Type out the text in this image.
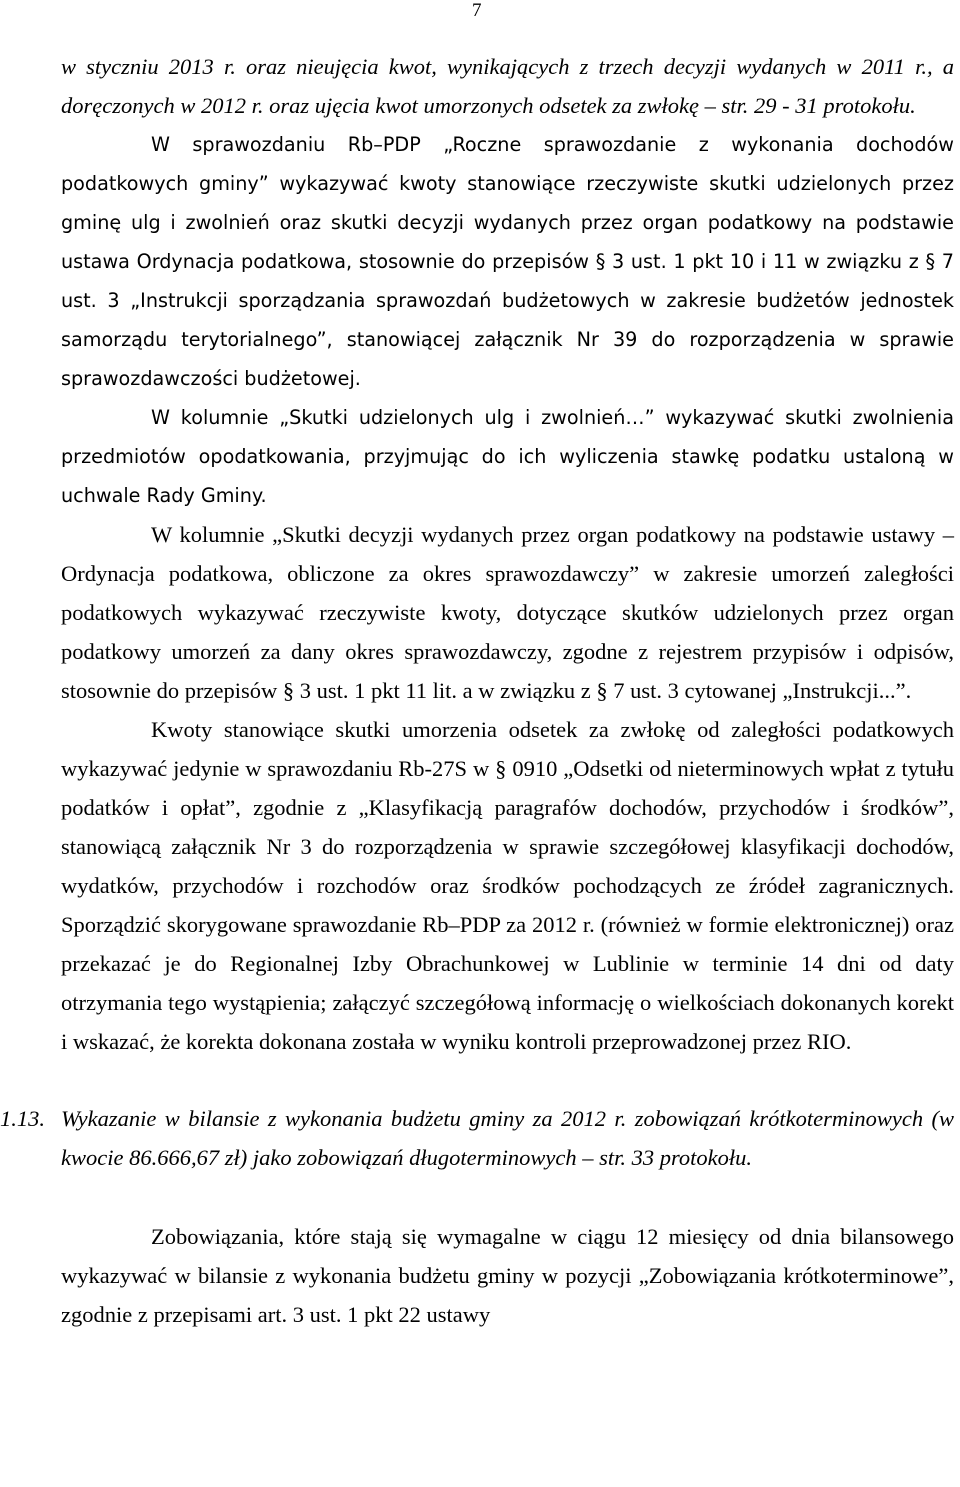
7

w styczniu 2013 r. oraz nieujęcia kwot, wynikających z trzech decyzji wydanych w 2011 r., a doręczonych w 2012 r. oraz ujęcia kwot umorzonych odsetek za zwłokę – str. 29 - 31 protokołu.

W sprawozdaniu Rb–PDP „Roczne sprawozdanie z wykonania dochodów podatkowych gminy” wykazywać kwoty stanowiące rzeczywiste skutki udzielonych przez gminę ulg i zwolnień oraz skutki decyzji wydanych przez organ podatkowy na podstawie ustawa Ordynacja podatkowa, stosownie do przepisów § 3 ust. 1 pkt 10 i 11 w związku z § 7 ust. 3 „Instrukcji sporządzania sprawozdań budżetowych w zakresie budżetów jednostek samorządu terytorialnego”, stanowiącej załącznik Nr 39 do rozporządzenia w sprawie sprawozdawczości budżetowej.

W kolumnie „Skutki udzielonych ulg i zwolnień…” wykazywać skutki zwolnienia przedmiotów opodatkowania, przyjmując do ich wyliczenia stawkę podatku ustaloną w uchwale Rady Gminy.

W kolumnie „Skutki decyzji wydanych przez organ podatkowy na podstawie ustawy – Ordynacja podatkowa, obliczone za okres sprawozdawczy” w zakresie umorzeń zaległości podatkowych wykazywać rzeczywiste kwoty, dotyczące skutków udzielonych przez organ podatkowy umorzeń za dany okres sprawozdawczy, zgodne z rejestrem przypisów i odpisów, stosownie do przepisów § 3 ust. 1 pkt 11 lit. a w związku z § 7 ust. 3 cytowanej „Instrukcji...”.

Kwoty stanowiące skutki umorzenia odsetek za zwłokę od zaległości podatkowych wykazywać jedynie w sprawozdaniu Rb-27S w § 0910 „Odsetki od nieterminowych wpłat z tytułu podatków i opłat”, zgodnie z „Klasyfikacją paragrafów dochodów, przychodów i środków”, stanowiącą załącznik Nr 3 do rozporządzenia w sprawie szczegółowej klasyfikacji dochodów, wydatków, przychodów i rozchodów oraz środków pochodzących ze źródeł zagranicznych. Sporządzić skorygowane sprawozdanie Rb–PDP za 2012 r. (również w formie elektronicznej) oraz przekazać je do Regionalnej Izby Obrachunkowej w Lublinie w terminie 14 dni od daty otrzymania tego wystąpienia; załączyć szczegółową informację o wielkościach dokonanych korekt i wskazać, że korekta dokonana została w wyniku kontroli przeprowadzonej przez RIO.

1.13. Wykazanie w bilansie z wykonania budżetu gminy za 2012 r. zobowiązań krótkoterminowych (w kwocie 86.666,67 zł) jako zobowiązań długoterminowych – str. 33 protokołu.

Zobowiązania, które stają się wymagalne w ciągu 12 miesięcy od dnia bilansowego wykazywać w bilansie z wykonania budżetu gminy w pozycji „Zobowiązania krótkoterminowe”, zgodnie z przepisami art. 3 ust. 1 pkt 22 ustawy
